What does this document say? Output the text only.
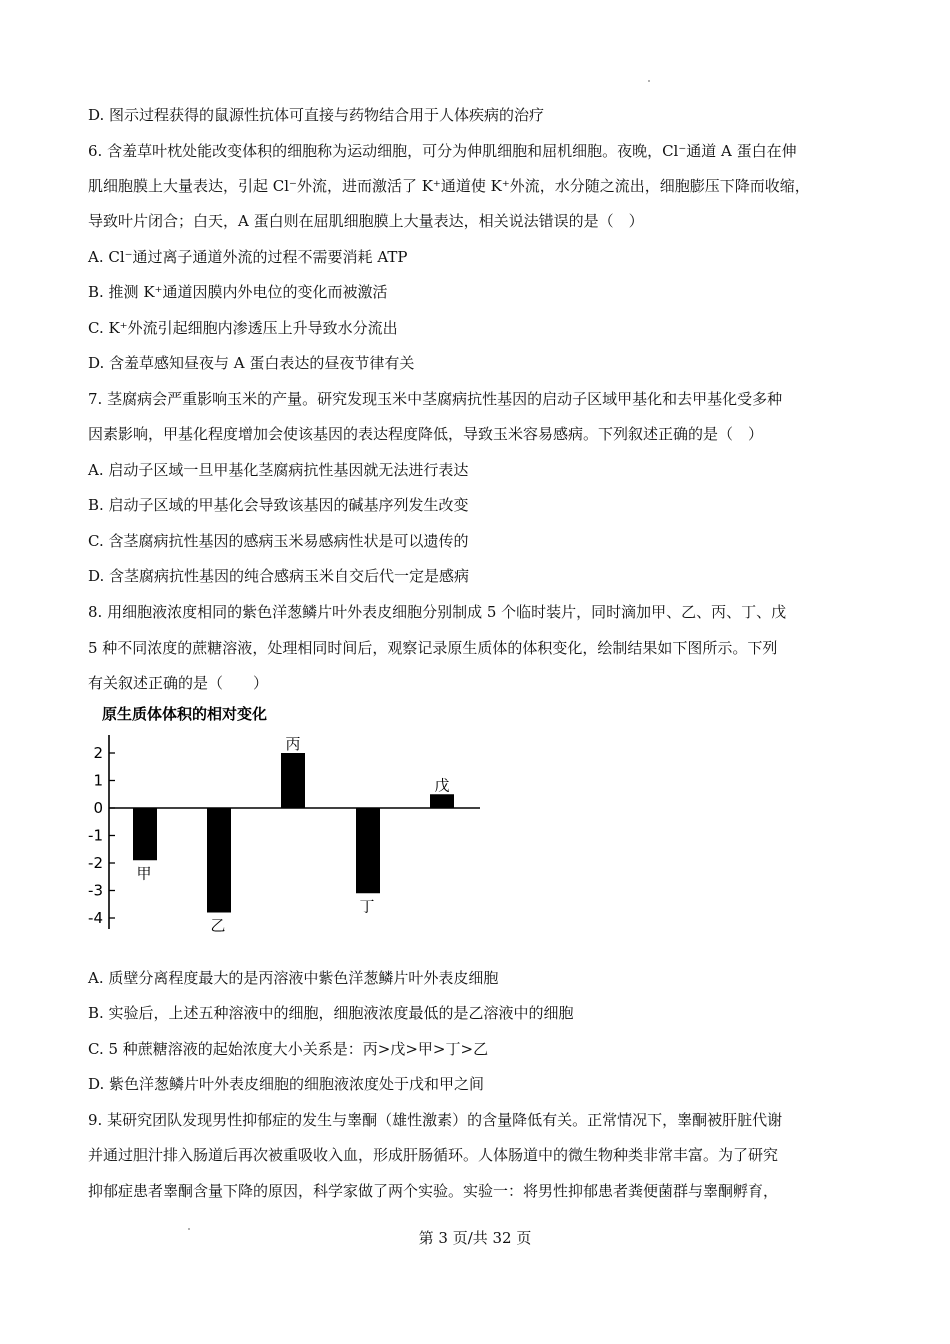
D. 图示过程获得的鼠源性抗体可直接与药物结合用于人体疾病的治疗
6. 含羞草叶枕处能改变体积的细胞称为运动细胞，可分为伸肌细胞和屈机细胞。夜晚，Cl⁻通道 A 蛋白在伸
肌细胞膜上大量表达，引起 Cl⁻外流，进而激活了 K⁺通道使 K⁺外流，水分随之流出，细胞膨压下降而收缩，
导致叶片闭合；白天，A 蛋白则在屈肌细胞膜上大量表达，相关说法错误的是（　）
A. Cl⁻通过离子通道外流的过程不需要消耗 ATP
B. 推测 K⁺通道因膜内外电位的变化而被激活
C. K⁺外流引起细胞内渗透压上升导致水分流出
D. 含羞草感知昼夜与 A 蛋白表达的昼夜节律有关
7. 茎腐病会严重影响玉米的产量。研究发现玉米中茎腐病抗性基因的启动子区域甲基化和去甲基化受多种
因素影响，甲基化程度增加会使该基因的表达程度降低，导致玉米容易感病。下列叙述正确的是（　）
A. 启动子区域一旦甲基化茎腐病抗性基因就无法进行表达
B. 启动子区域的甲基化会导致该基因的碱基序列发生改变
C. 含茎腐病抗性基因的感病玉米易感病性状是可以遗传的
D. 含茎腐病抗性基因的纯合感病玉米自交后代一定是感病
8. 用细胞液浓度相同的紫色洋葱鳞片叶外表皮细胞分别制成 5 个临时装片，同时滴加甲、乙、丙、丁、戊
5 种不同浓度的蔗糖溶液，处理相同时间后，观察记录原生质体的体积变化，绘制结果如下图所示。下列
有关叙述正确的是（　　）
A. 质壁分离程度最大的是丙溶液中紫色洋葱鳞片叶外表皮细胞
B. 实验后，上述五种溶液中的细胞，细胞液浓度最低的是乙溶液中的细胞
C. 5 种蔗糖溶液的起始浓度大小关系是：丙>戊>甲>丁>乙
D. 紫色洋葱鳞片叶外表皮细胞的细胞液浓度处于戊和甲之间
9. 某研究团队发现男性抑郁症的发生与睾酮（雄性激素）的含量降低有关。正常情况下，睾酮被肝脏代谢
并通过胆汁排入肠道后再次被重吸收入血，形成肝肠循环。人体肠道中的微生物种类非常丰富。为了研究
抑郁症患者睾酮含量下降的原因，科学家做了两个实验。实验一：将男性抑郁患者粪便菌群与睾酮孵育，
原生质体体积的相对变化
2
1
0
-1
-2
-3
-4
甲
乙
丙
丁
戊
第 3 页/共 32 页
